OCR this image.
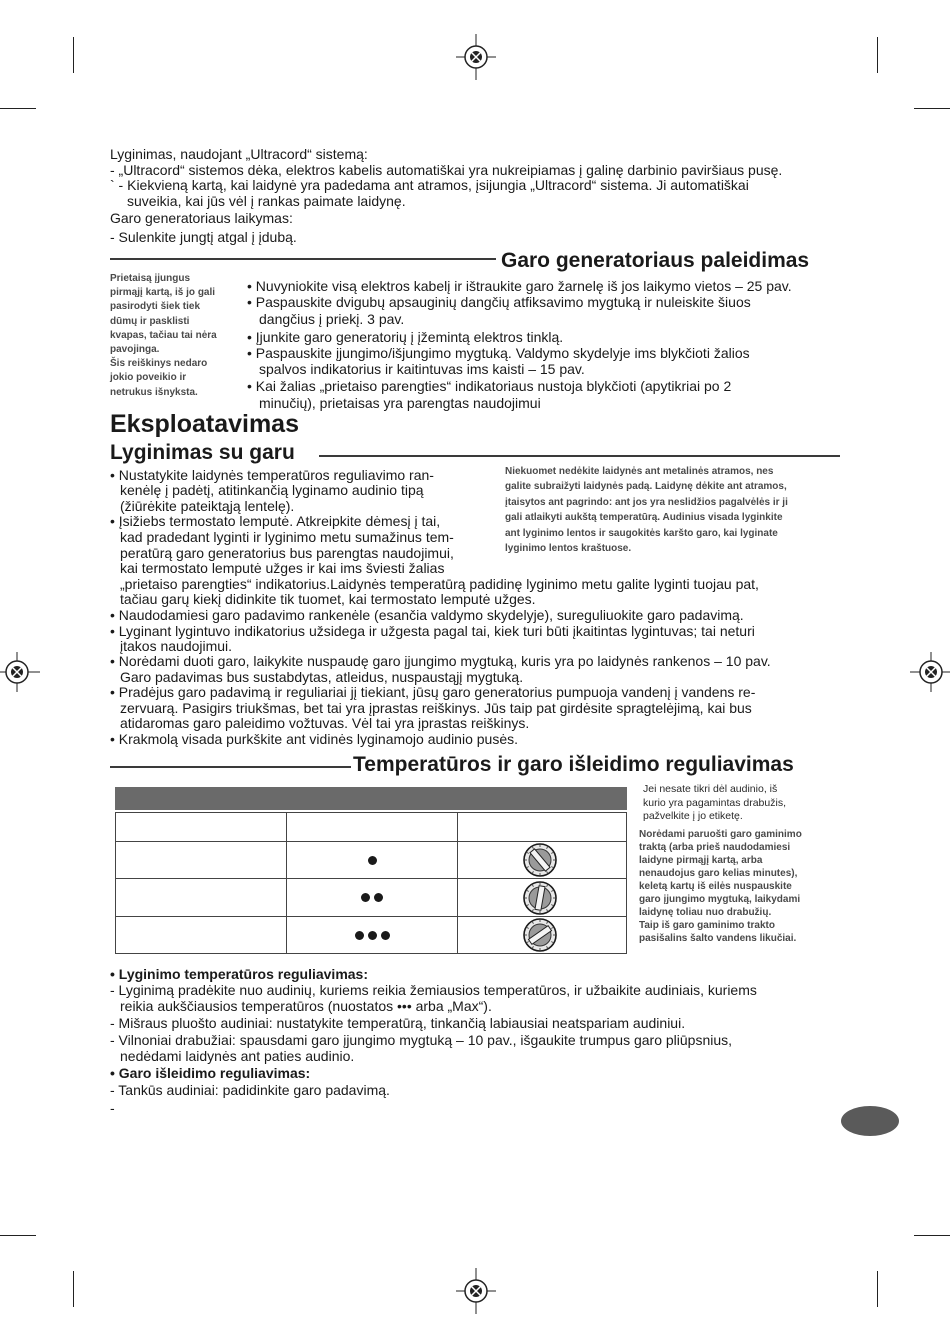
Lyginimas, naudojant „Ultracord“ sistemą:
- „Ultracord“ sistemos dėka, elektros kabelis automatiškai yra nukreipiamas į galinę darbinio paviršiaus pusę.
` - Kiekvieną kartą, kai laidynė yra padedama ant atramos, įsijungia „Ultracord“ sistema. Ji automatiškai
suveikia, kai jūs vėl į rankas paimate laidynę.
Garo generatoriaus laikymas:
- Sulenkite jungtį atgal į įdubą.
Garo generatoriaus paleidimas
Prietaisą įjungus
pirmąjį kartą, iš jo gali
pasirodyti šiek tiek
dūmų ir pasklisti
kvapas, tačiau tai nėra
pavojinga.
Šis reiškinys nedaro
jokio poveikio ir
netrukus išnyksta.
• Nuvyniokite visą elektros kabelį ir ištraukite garo žarnelę iš jos laikymo vietos – 25 pav.
• Paspauskite dvigubų apsauginių dangčių atfiksavimo mygtuką ir nuleiskite šiuos
dangčius į priekį. 3 pav.
• Įjunkite garo generatorių į įžemintą elektros tinklą.
• Paspauskite įjungimo/išjungimo mygtuką. Valdymo skydelyje ims blykčioti žalios
spalvos indikatorius ir kaitintuvas ims kaisti – 15 pav.
• Kai žalias „prietaiso parengties“ indikatoriaus nustoja blykčioti (apytikriai po 2
minučių), prietaisas yra parengtas naudojimui
Eksploatavimas
Lyginimas su garu
Niekuomet nedėkite laidynės ant metalinės atramos, nes
galite subraižyti laidynės padą. Laidynę dėkite ant atramos,
įtaisytos ant pagrindo: ant jos yra neslidžios pagalvėlės ir ji
gali atlaikyti aukštą temperatūrą. Audinius visada lyginkite
ant lyginimo lentos ir saugokitės karšto garo, kai lyginate
lyginimo lentos kraštuose.
• Nustatykite laidynės temperatūros reguliavimo ran-
kenėlę į padėtį, atitinkančią lyginamo audinio tipą
(žiūrėkite pateiktąją lentelę).
• Įsižiebs termostato lemputė. Atkreipkite dėmesį į tai,
kad pradedant lyginti ir lyginimo metu sumažinus tem-
peratūrą garo generatorius bus parengtas naudojimui,
kai termostato lemputė užges ir kai ims šviesti žalias
„prietaiso parengties“ indikatorius.Laidynės temperatūrą padidinę lyginimo metu galite lyginti tuojau pat,
tačiau garų kiekį didinkite tik tuomet, kai termostato lemputė užges.
• Naudodamiesi garo padavimo rankenėle (esančia valdymo skydelyje), sureguliuokite garo padavimą.
• Lyginant lygintuvo indikatorius užsidega ir užgesta pagal tai, kiek turi būti įkaitintas lygintuvas; tai neturi
įtakos naudojimui.
• Norėdami duoti garo, laikykite nuspaudę garo įjungimo mygtuką, kuris yra po laidynės rankenos – 10 pav.
Garo padavimas bus sustabdytas, atleidus, nuspaustąjį mygtuką.
• Pradėjus garo padavimą ir reguliariai jį tiekiant, jūsų garo generatorius pumpuoja vandenį į vandens re-
zervuarą. Pasigirs triukšmas, bet tai yra įprastas reiškinys. Jūs taip pat girdėsite spragtelėjimą, kai bus
atidaromas garo paleidimo vožtuvas. Vėl tai yra įprastas reiškinys.
• Krakmolą visada purkškite ant vidinės lyginamojo audinio pusės.
Temperatūros ir garo išleidimo reguliavimas
Jei nesate tikri dėl audinio, iš
kurio yra pagamintas drabužis,
pažvelkite į jo etiketę.
Norėdami paruošti garo gaminimo
traktą (arba prieš naudodamiesi
laidyne pirmąjį kartą, arba
nenaudojus garo kelias minutes),
keletą kartų iš eilės nuspauskite
garo įjungimo mygtuką, laikydami
laidynę toliau nuo drabužių.
Taip iš garo gaminimo trakto
pasišalins šalto vandens likučiai.
• Lyginimo temperatūros reguliavimas:
- Lyginimą pradėkite nuo audinių, kuriems reikia žemiausios temperatūros, ir užbaikite audiniais, kuriems
reikia aukščiausios temperatūros (nuostatos ••• arba „Max“).
- Mišraus pluošto audiniai: nustatykite temperatūrą, tinkančią labiausiai neatspariam audiniui.
- Vilnoniai drabužiai: spausdami garo įjungimo mygtuką – 10 pav., išgaukite trumpus garo pliūpsnius,
nedėdami laidynės ant paties audinio.
• Garo išleidimo reguliavimas:
- Tankūs audiniai: padidinkite garo padavimą.
-
